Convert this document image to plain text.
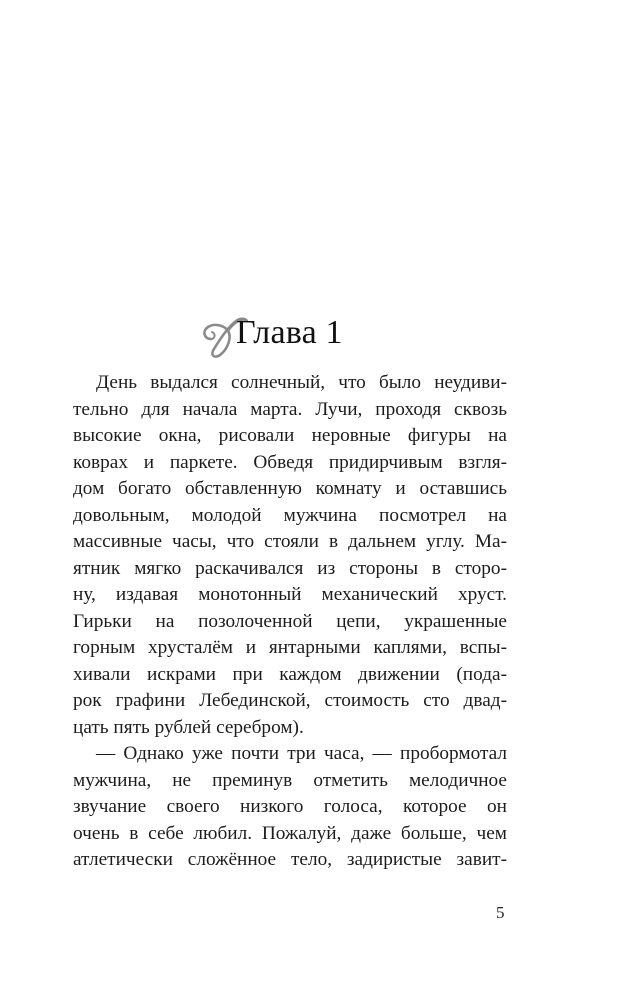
Глава 1
День выдался солнечный, что было неудиви-
тельно для начала марта. Лучи, проходя сквозь
высокие окна, рисовали неровные фигуры на
коврах и паркете. Обведя придирчивым взгля-
дом богато обставленную комнату и оставшись
довольным, молодой мужчина посмотрел на
массивные часы, что стояли в дальнем углу. Ма-
ятник мягко раскачивался из стороны в сторо-
ну, издавая монотонный механический хруст.
Гирьки на позолоченной цепи, украшенные
горным хрусталём и янтарными каплями, вспы-
хивали искрами при каждом движении (пода-
рок графини Лебединской, стоимость сто двад-
цать пять рублей серебром).
— Однако уже почти три часа, — пробормотал
мужчина, не преминув отметить мелодичное
звучание своего низкого голоса, которое он
очень в себе любил. Пожалуй, даже больше, чем
атлетически сложённое тело, задиристые завит-
5
